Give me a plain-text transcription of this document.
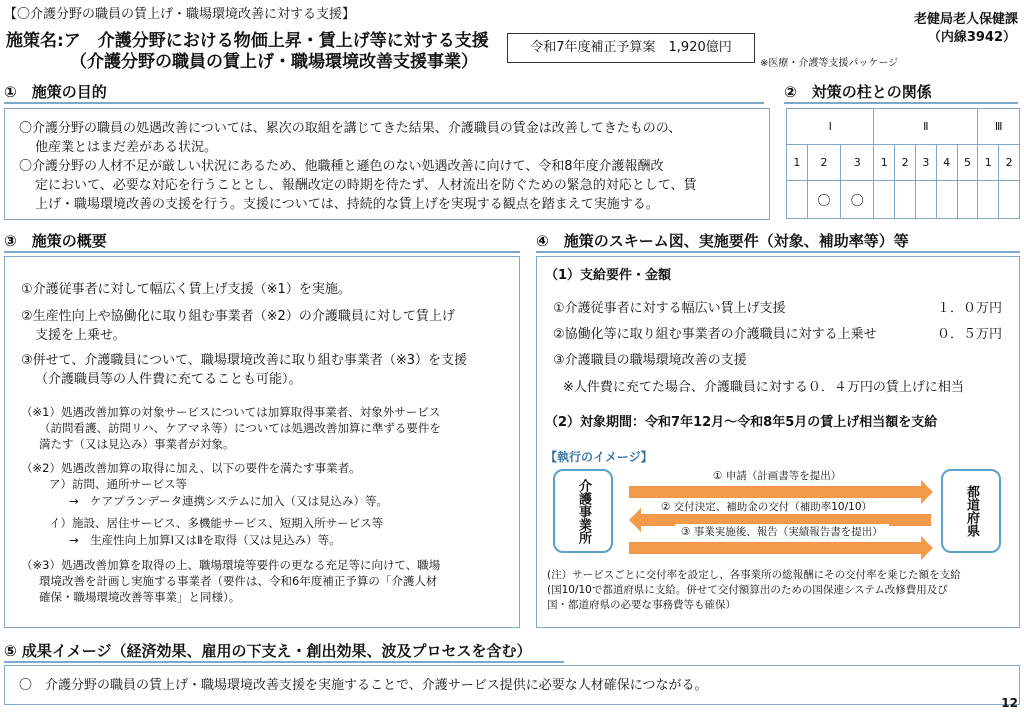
【〇介護分野の職員の賃上げ・職場環境改善に対する支援】
施策名:ア　介護分野における物価上昇・賃上げ等に対する支援
（介護分野の職員の賃上げ・職場環境改善支援事業）
令和7年度補正予算案　1,920億円
※医療・介護等支援パッケージ
老健局老人保健課
（内線3942）
①　施策の目的
〇介護分野の職員の処遇改善については、累次の取組を講じてきた結果、介護職員の賃金は改善してきたものの、
他産業とはまだ差がある状況。
〇介護分野の人材不足が厳しい状況にあるため、他職種と遜色のない処遇改善に向けて、令和8年度介護報酬改
定において、必要な対応を行うこととし、報酬改定の時期を待たず、人材流出を防ぐための緊急的対応として、賃
上げ・職場環境改善の支援を行う。支援については、持続的な賃上げを実現する観点を踏まえて実施する。
②　対策の柱との関係
Ⅰ			Ⅱ					Ⅲ	
1	2	3	1	2	3	4	5	1	2
	〇	〇							
③　施策の概要
①介護従事者に対して幅広く賃上げ支援（※1）を実施。
②生産性向上や協働化に取り組む事業者（※2）の介護職員に対して賃上げ
支援を上乗せ。
③併せて、介護職員について、職場環境改善に取り組む事業者（※3）を支援
（介護職員等の人件費に充てることも可能）。
（※1）処遇改善加算の対象サービスについては加算取得事業者、対象外サービス
（訪問看護、訪問リハ、ケアマネ等）については処遇改善加算に準ずる要件を
満たす（又は見込み）事業者が対象。
（※2）処遇改善加算の取得に加え、以下の要件を満たす事業者。
ア）訪問、通所サービス等
→　ケアプランデータ連携システムに加入（又は見込み）等。
イ）施設、居住サービス、多機能サービス、短期入所サービス等
→　生産性向上加算Ⅰ又はⅡを取得（又は見込み）等。
（※3）処遇改善加算を取得の上、職場環境等要件の更なる充足等に向けて、職場
環境改善を計画し実施する事業者（要件は、令和6年度補正予算の「介護人材
確保・職場環境改善等事業」と同様）。
④　施策のスキーム図、実施要件（対象、補助率等）等
（1）支給要件・金額
①介護従事者に対する幅広い賃上げ支援	１．０万円
②協働化等に取り組む事業者の介護職員に対する上乗せ	０．５万円
③介護職員の職場環境改善の支援
※人件費に充てた場合、介護職員に対する０．４万円の賃上げに相当
（2）対象期間：令和7年12月～令和8年5月の賃上げ相当額を支給
【執行のイメージ】
介護事業所	都道府県
① 申請（計画書等を提出）
② 交付決定、補助金の交付（補助率10/10）
③ 事業実施後、報告（実績報告書を提出）
(注）サービスごとに交付率を設定し、各事業所の総報酬にその交付率を乗じた額を支給
(国10/10で都道府県に支給。併せて交付額算出のための国保連システム改修費用及び
国・都道府県の必要な事務費等も確保）
⑤ 成果イメージ（経済効果、雇用の下支え・創出効果、波及プロセスを含む）
〇　介護分野の職員の賃上げ・職場環境改善支援を実施することで、介護サービス提供に必要な人材確保につながる。
12
